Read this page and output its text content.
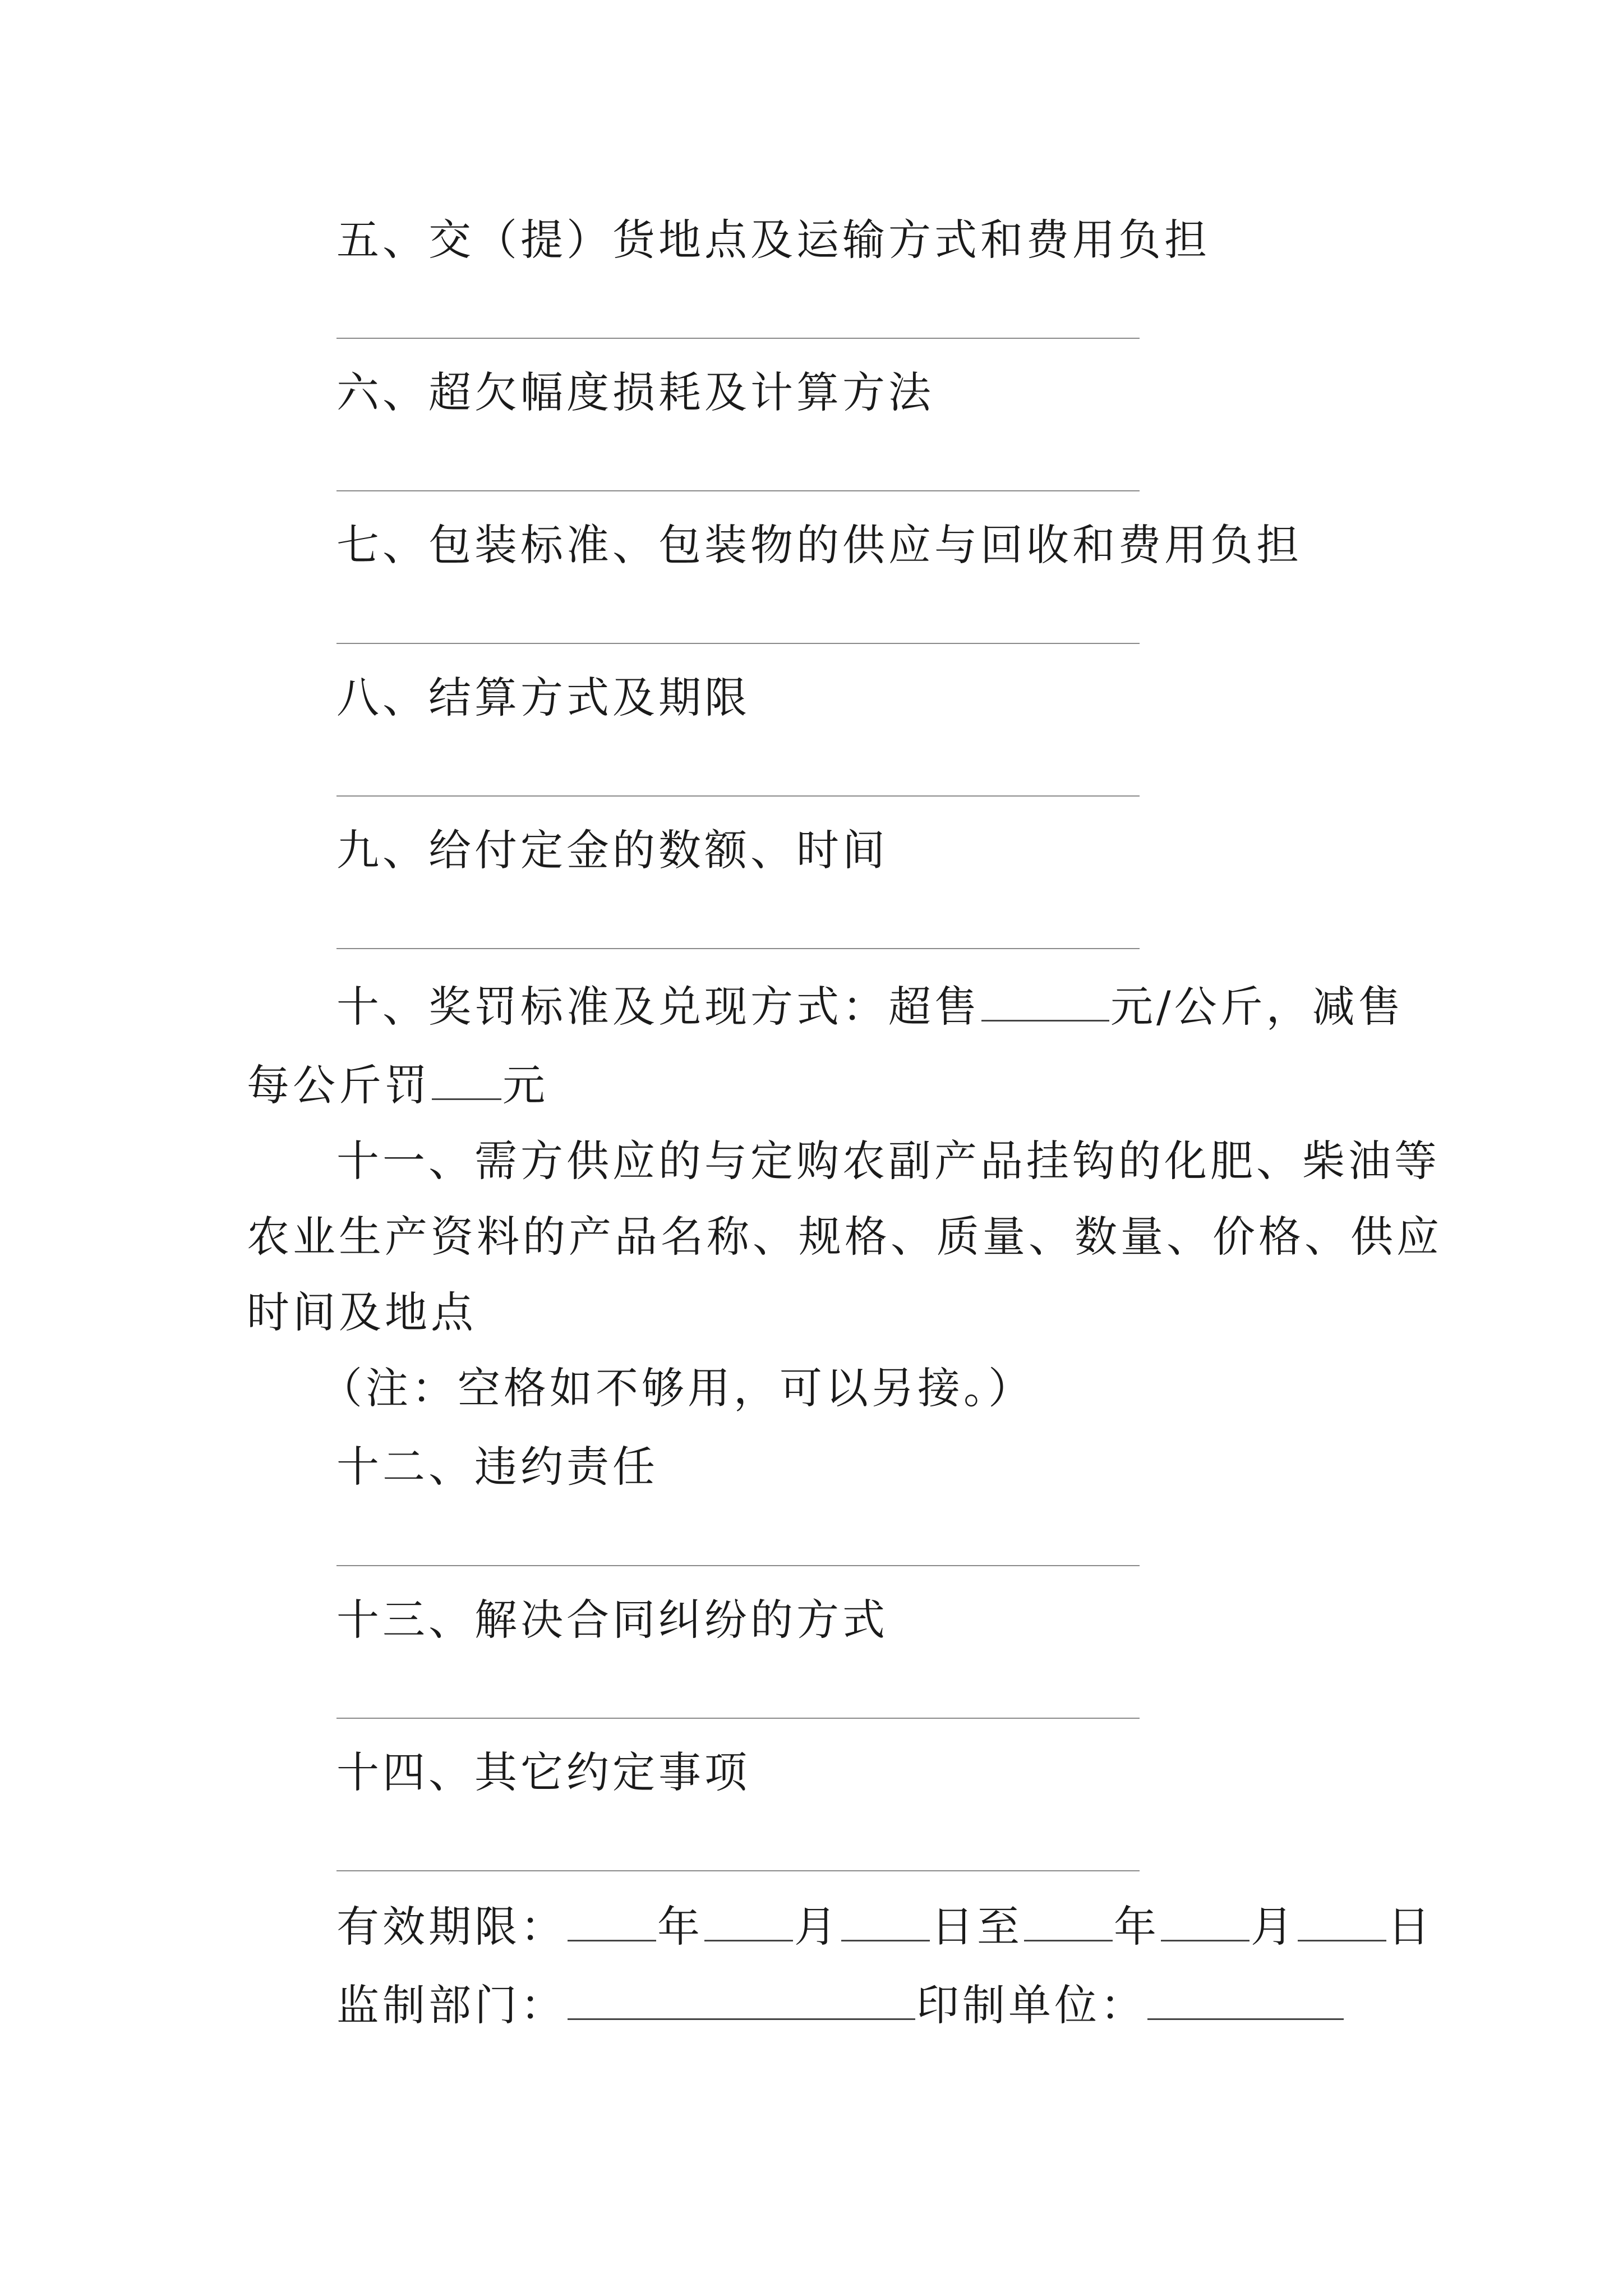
五、交（提）货地点及运输方式和费用负担
六、超欠幅度损耗及计算方法
七、包装标准、包装物的供应与回收和费用负担
八、结算方式及期限
九、给付定金的数额、时间
十、奖罚标准及兑现方式：超售	元/公斤，减售
每公斤罚 元
十一、需方供应的与定购农副产品挂钩的化肥、柴油等
农业生产资料的产品名称、规格、质量、数量、价格、供应
时间及地点
（注：空格如不够用，可以另接。）
十二、违约责任
十三、解决合同纠纷的方式
十四、其它约定事项
有效期限： 年 月 日至 年 月 日
监制部门：	印制单位：
